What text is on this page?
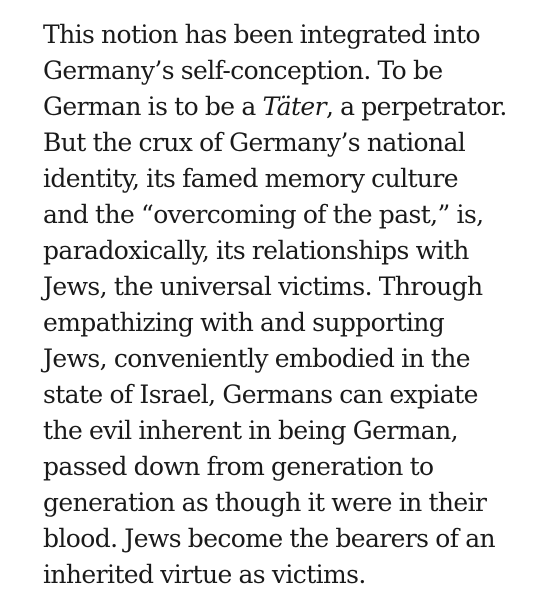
This notion has been integrated into
Germany’s self-conception. To be
German is to be a Täter, a perpetrator.
But the crux of Germany’s national
identity, its famed memory culture
and the “overcoming of the past,” is,
paradoxically, its relationships with
Jews, the universal victims. Through
empathizing with and supporting
Jews, conveniently embodied in the
state of Israel, Germans can expiate
the evil inherent in being German,
passed down from generation to
generation as though it were in their
blood. Jews become the bearers of an
inherited virtue as victims.
